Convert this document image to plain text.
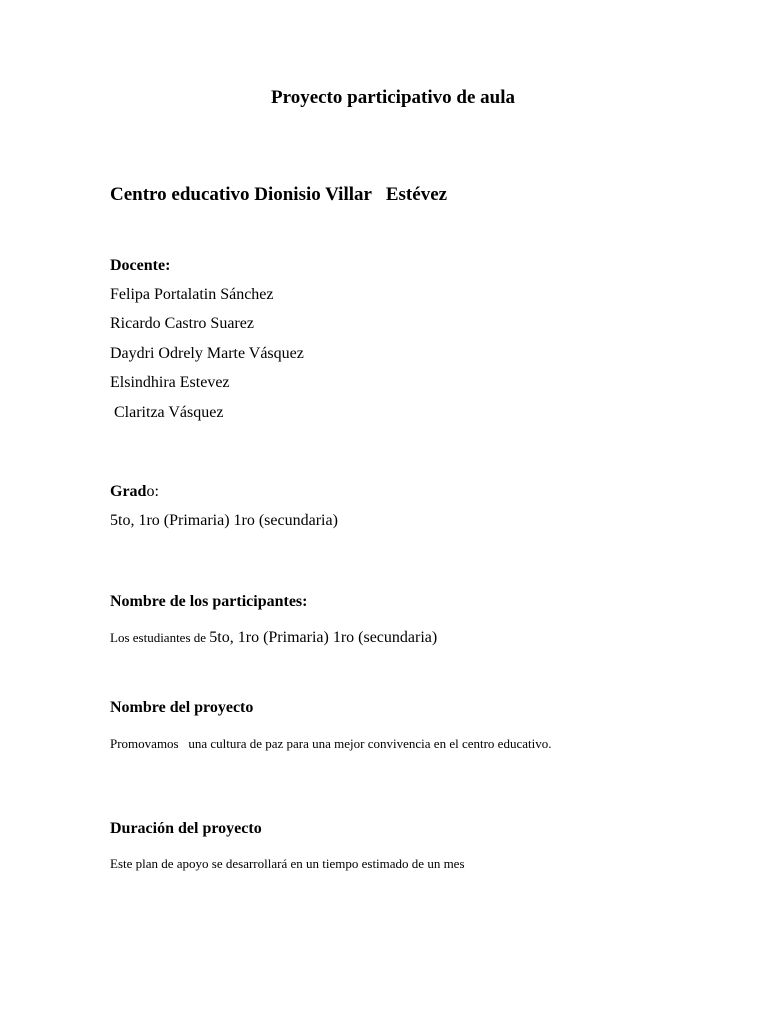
Proyecto participativo de aula
Centro educativo Dionisio Villar   Estévez
Docente:
Felipa Portalatin Sánchez
Ricardo Castro Suarez
Daydri Odrely Marte Vásquez
Elsindhira Estevez
Claritza Vásquez
Grado:
5to, 1ro (Primaria) 1ro (secundaria)
Nombre de los participantes:
Los estudiantes de 5to, 1ro (Primaria) 1ro (secundaria)
Nombre del proyecto
Promovamos   una cultura de paz para una mejor convivencia en el centro educativo.
Duración del proyecto
Este plan de apoyo se desarrollará en un tiempo estimado de un mes
